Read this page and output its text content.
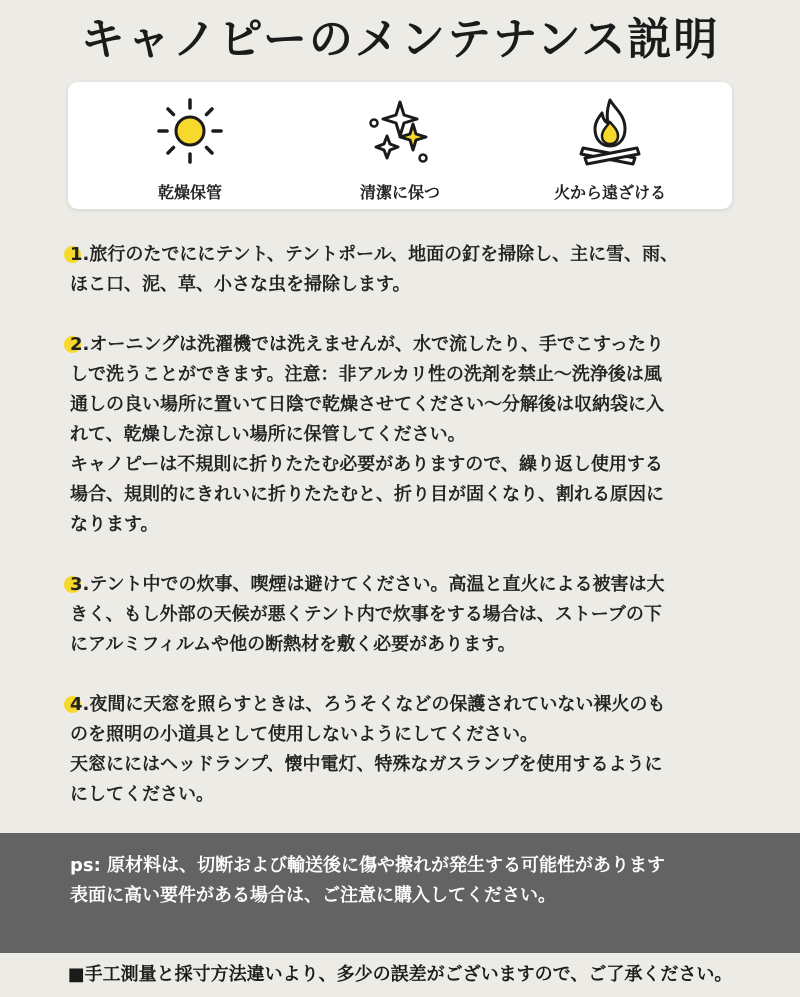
キャノピーのメンテナンス説明
乾燥保管	清潔に保つ	火から遠ざける

1.旅行のたでににテント、テントポール、地面の釘を掃除し、主に雪、雨、

ほこ口、泥、草、小さな虫を掃除します。

2.オーニングは洗濯機では洗えませんが、水で流したり、手でこすったり

しで洗うことができます。注意：非アルカリ性の洗剤を禁止〜洗浄後は風

通しの良い場所に置いて日陰で乾燥させてください〜分解後は収納袋に入

れて、乾燥した涼しい場所に保管してください。

キャノピーは不規則に折りたたむ必要がありますので、繰り返し使用する

場合、規則的にきれいに折りたたむと、折り目が固くなり、割れる原因に

なります。

3.テント中での炊事、喫煙は避けてください。高温と直火による被害は大

きく、もし外部の天候が悪くテント内で炊事をする場合は、ストーブの下

にアルミフィルムや他の断熱材を敷く必要があります。

4.夜間に天窓を照らすときは、ろうそくなどの保護されていない裸火のも

のを照明の小道具として使用しないようにしてください。

天窓ににはヘッドランプ、懐中電灯、特殊なガスランプを使用するように

にしてください。

ps: 原材料は、切断および輸送後に傷や擦れが発生する可能性があります

表面に高い要件がある場合は、ご注意に購入してください。

■手工測量と採寸方法違いより、多少の誤差がございますので、ご了承ください。
